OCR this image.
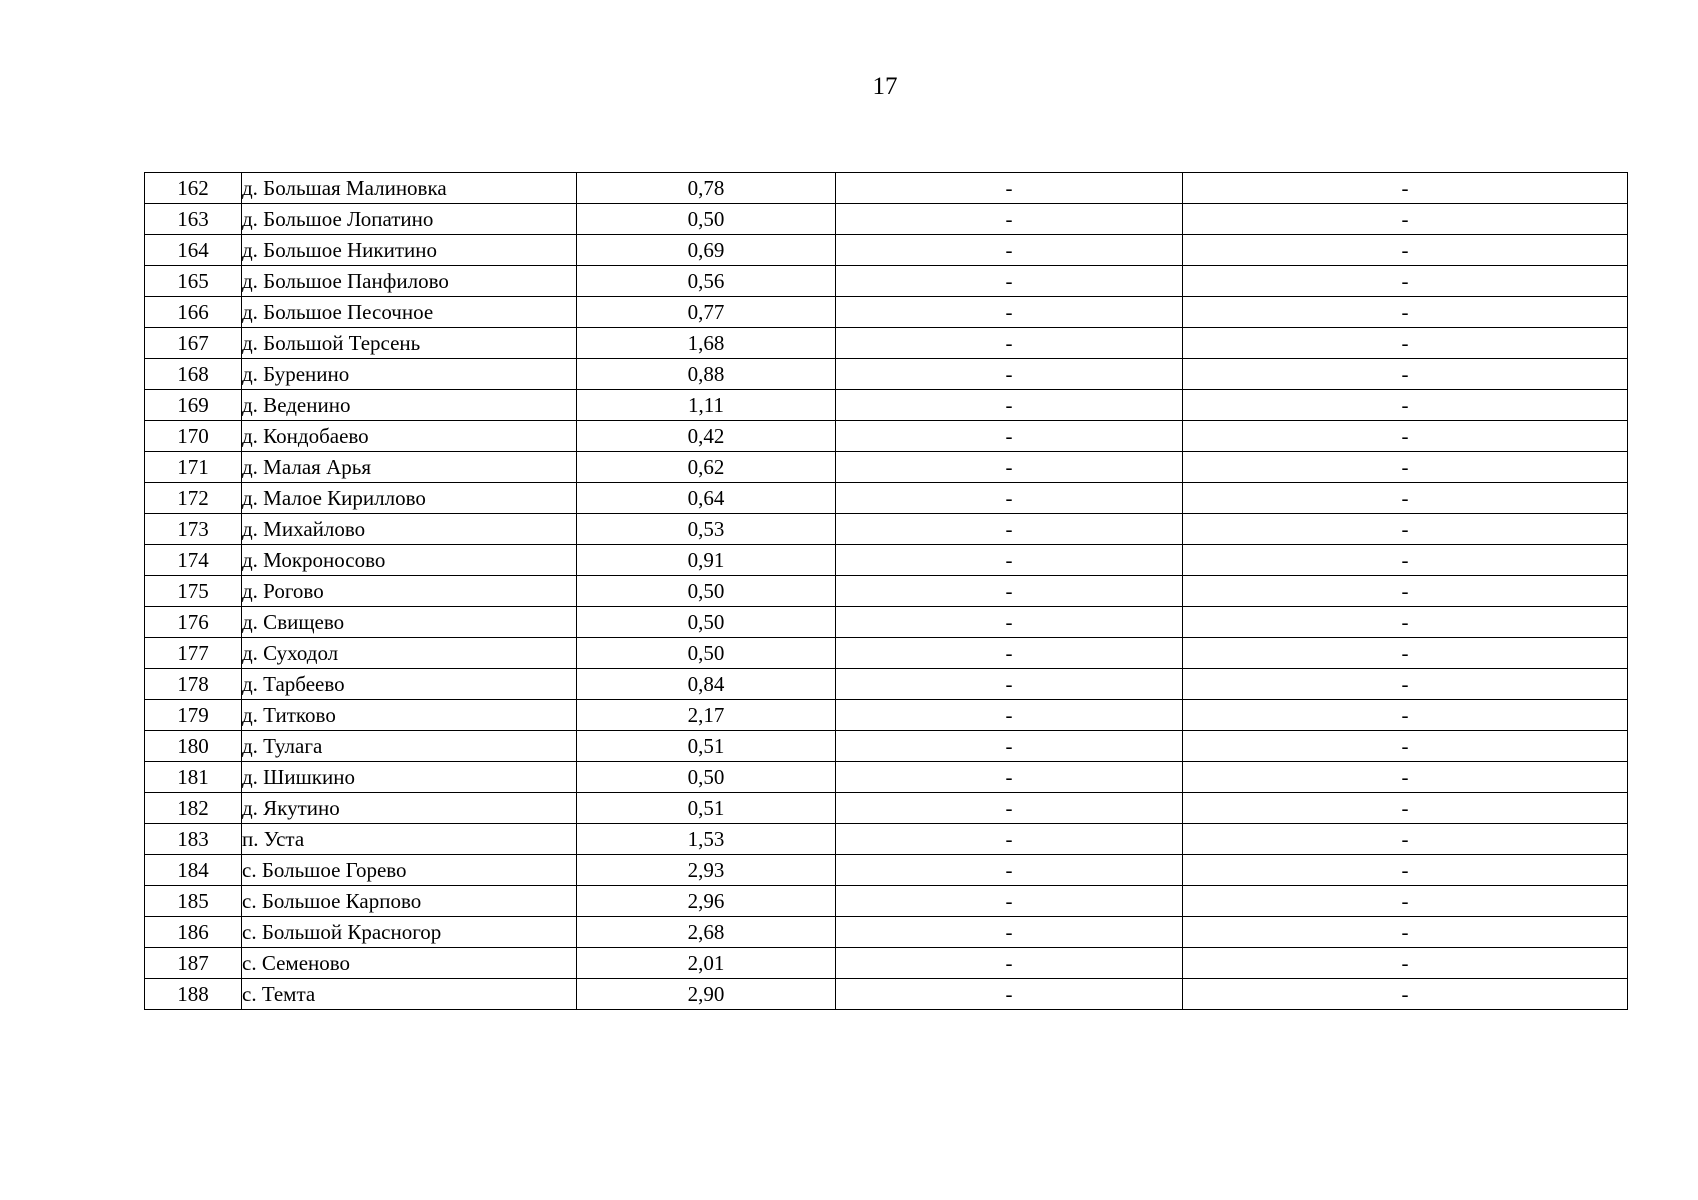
17
162	д. Большая Малиновка	0,78	-	-
163	д. Большое Лопатино	0,50	-	-
164	д. Большое Никитино	0,69	-	-
165	д. Большое Панфилово	0,56	-	-
166	д. Большое Песочное	0,77	-	-
167	д. Большой Терсень	1,68	-	-
168	д. Буренино	0,88	-	-
169	д. Веденино	1,11	-	-
170	д. Кондобаево	0,42	-	-
171	д. Малая Арья	0,62	-	-
172	д. Малое Кириллово	0,64	-	-
173	д. Михайлово	0,53	-	-
174	д. Мокроносово	0,91	-	-
175	д. Рогово	0,50	-	-
176	д. Свищево	0,50	-	-
177	д. Суходол	0,50	-	-
178	д. Тарбеево	0,84	-	-
179	д. Титково	2,17	-	-
180	д. Тулага	0,51	-	-
181	д. Шишкино	0,50	-	-
182	д. Якутино	0,51	-	-
183	п. Уста	1,53	-	-
184	с. Большое Горево	2,93	-	-
185	с. Большое Карпово	2,96	-	-
186	с. Большой Красногор	2,68	-	-
187	с. Семеново	2,01	-	-
188	с. Темта	2,90	-	-
